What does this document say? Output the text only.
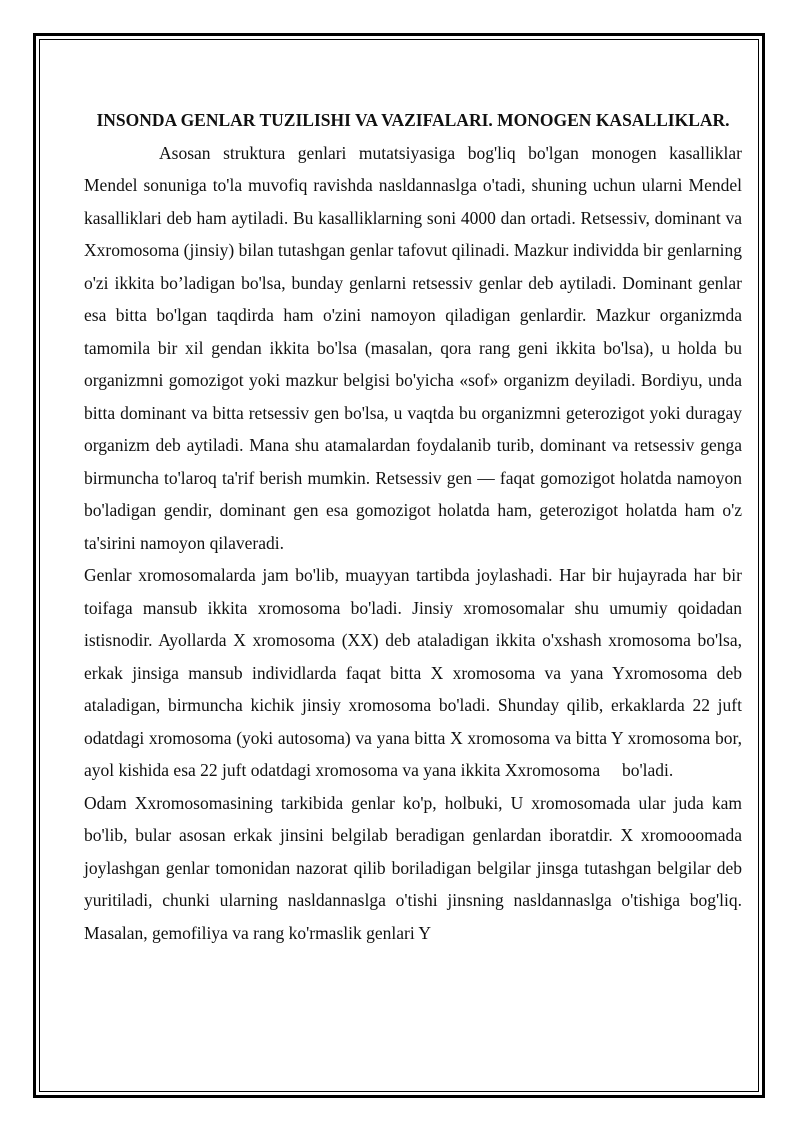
INSONDA GENLAR TUZILISHI VA VAZIFALARI. MONOGEN KASALLIKLAR.

Asosan struktura genlari mutatsiyasiga bog'liq bo'lgan monogen kasalliklar Mendel sonuniga to'la muvofiq ravishda nasldannaslga o'tadi, shuning uchun ularni Mendel kasalliklari deb ham aytiladi. Bu kasalliklarning soni 4000 dan ortadi. Retsessiv, dominant va Xxromosoma (jinsiy) bilan tutashgan genlar tafovut qilinadi. Mazkur individda bir genlarning o'zi ikkita bo’ladigan bo'lsa, bunday genlarni retsessiv genlar deb aytiladi. Dominant genlar esa bitta bo'lgan taqdirda ham o'zini namoyon qiladigan genlardir. Mazkur organizmda tamomila bir xil gendan ikkita bo'lsa (masalan, qora rang geni ikkita bo'lsa), u holda bu organizmni gomozigot yoki mazkur belgisi bo'yicha «sof» organizm deyiladi. Bordiyu, unda bitta dominant va bitta retsessiv gen bo'lsa, u vaqtda bu organizmni geterozigot yoki duragay organizm deb aytiladi. Mana shu atamalardan foydalanib turib, dominant va retsessiv genga birmuncha to'laroq ta'rif berish mumkin. Retsessiv gen — faqat gomozigot holatda namoyon bo'ladigan gendir, dominant gen esa gomozigot holatda ham, geterozigot holatda ham o'z ta'sirini namoyon qilaveradi.

Genlar xromosomalarda jam bo'lib, muayyan tartibda joylashadi. Har bir hujayrada har bir toifaga mansub ikkita xromosoma bo'ladi. Jinsiy xromosomalar shu umumiy qoidadan istisnodir. Ayollarda X xromosoma (XX) deb ataladigan ikkita o'xshash xromosoma bo'lsa, erkak jinsiga mansub individlarda faqat bitta X xromosoma va yana Yxromosoma deb ataladigan, birmuncha kichik jinsiy xromosoma bo'ladi. Shunday qilib, erkaklarda 22 juft odatdagi xromosoma (yoki autosoma) va yana bitta X xromosoma va bitta Y xromosoma bor, ayol kishida esa 22 juft odatdagi xromosoma va yana ikkita Xxromosoma     bo'ladi.

Odam Xxromosomasining tarkibida genlar ko'p, holbuki, U xromosomada ular juda kam bo'lib, bular asosan erkak jinsini belgilab beradigan genlardan iboratdir. X xromooomada joylashgan genlar tomonidan nazorat qilib boriladigan belgilar jinsga tutashgan belgilar deb yuritiladi, chunki ularning nasldannaslga o'tishi jinsning nasldannaslga o'tishiga bog'liq. Masalan, gemofiliya va rang ko'rmaslik genlari Y
